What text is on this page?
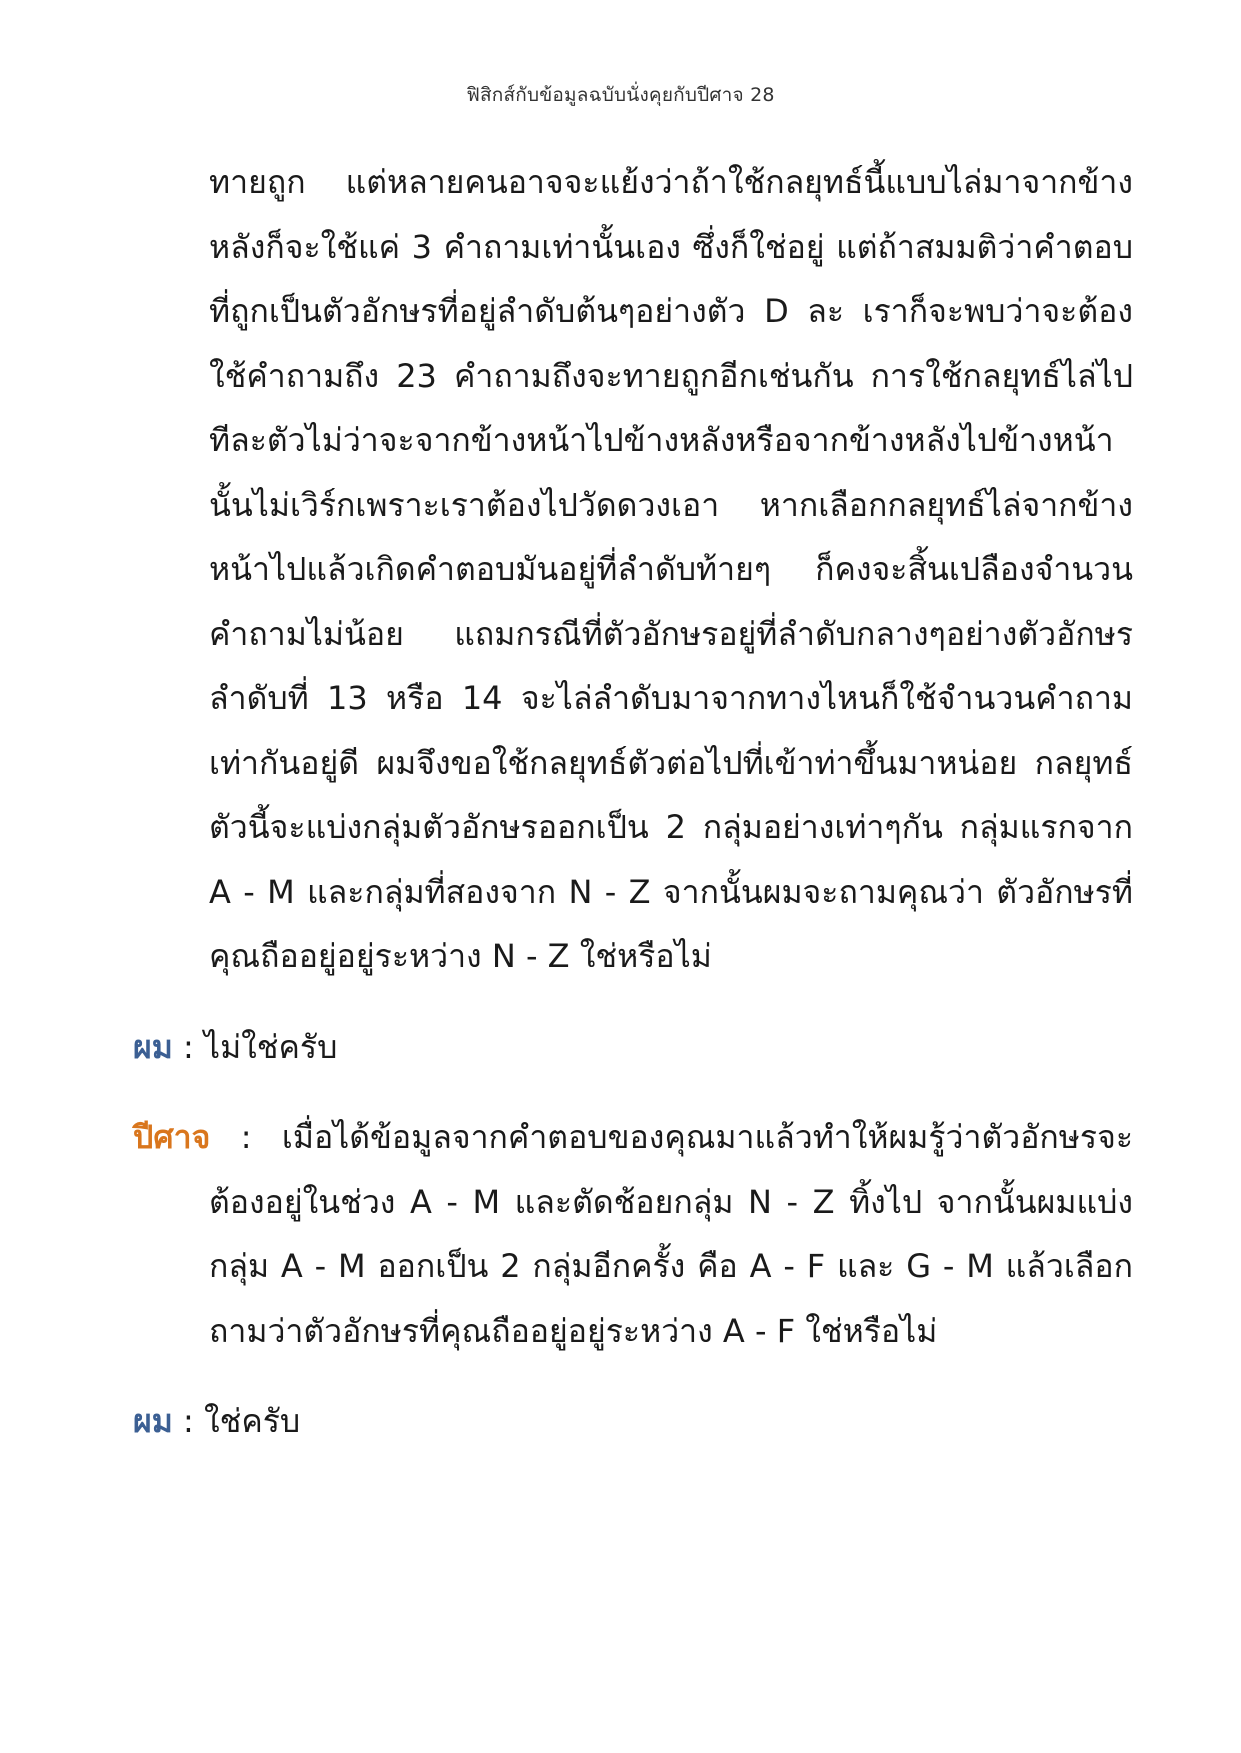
ฟิสิกส์กับข้อมูลฉบับนั่งคุยกับปีศาจ 28

ทายถูก แต่หลายคนอาจจะแย้งว่าถ้าใช้กลยุทธ์นี้แบบไล่มาจากข้างหลังก็จะใช้แค่ 3 คำถามเท่านั้นเอง ซึ่งก็ใช่อยู่ แต่ถ้าสมมติว่าคำตอบที่ถูกเป็นตัวอักษรที่อยู่ลำดับต้นๆอย่างตัว D ละ เราก็จะพบว่าจะต้องใช้คำถามถึง 23 คำถามถึงจะทายถูกอีกเช่นกัน การใช้กลยุทธ์ไล่ไปทีละตัวไม่ว่าจะจากข้างหน้าไปข้างหลังหรือจากข้างหลังไปข้างหน้านั้นไม่เวิร์กเพราะเราต้องไปวัดดวงเอา หากเลือกกลยุทธ์ไล่จากข้างหน้าไปแล้วเกิดคำตอบมันอยู่ที่ลำดับท้ายๆ ก็คงจะสิ้นเปลืองจำนวนคำถามไม่น้อย แถมกรณีที่ตัวอักษรอยู่ที่ลำดับกลางๆอย่างตัวอักษรลำดับที่ 13 หรือ 14 จะไล่ลำดับมาจากทางไหนก็ใช้จำนวนคำถามเท่ากันอยู่ดี ผมจึงขอใช้กลยุทธ์ตัวต่อไปที่เข้าท่าขึ้นมาหน่อย กลยุทธ์ตัวนี้จะแบ่งกลุ่มตัวอักษรออกเป็น 2 กลุ่มอย่างเท่าๆกัน กลุ่มแรกจาก A - M และกลุ่มที่สองจาก N - Z จากนั้นผมจะถามคุณว่า ตัวอักษรที่คุณถืออยู่อยู่ระหว่าง N - Z ใช่หรือไม่

ผม : ไม่ใช่ครับ
ปีศาจ : เมื่อได้ข้อมูลจากคำตอบของคุณมาแล้วทำให้ผมรู้ว่าตัวอักษรจะต้องอยู่ในช่วง A - M และตัดช้อยกลุ่ม N - Z ทิ้งไป จากนั้นผมแบ่งกลุ่ม A - M ออกเป็น 2 กลุ่มอีกครั้ง คือ A - F และ G - M แล้วเลือกถามว่าตัวอักษรที่คุณถืออยู่อยู่ระหว่าง A - F ใช่หรือไม่
ผม : ใช่ครับ
